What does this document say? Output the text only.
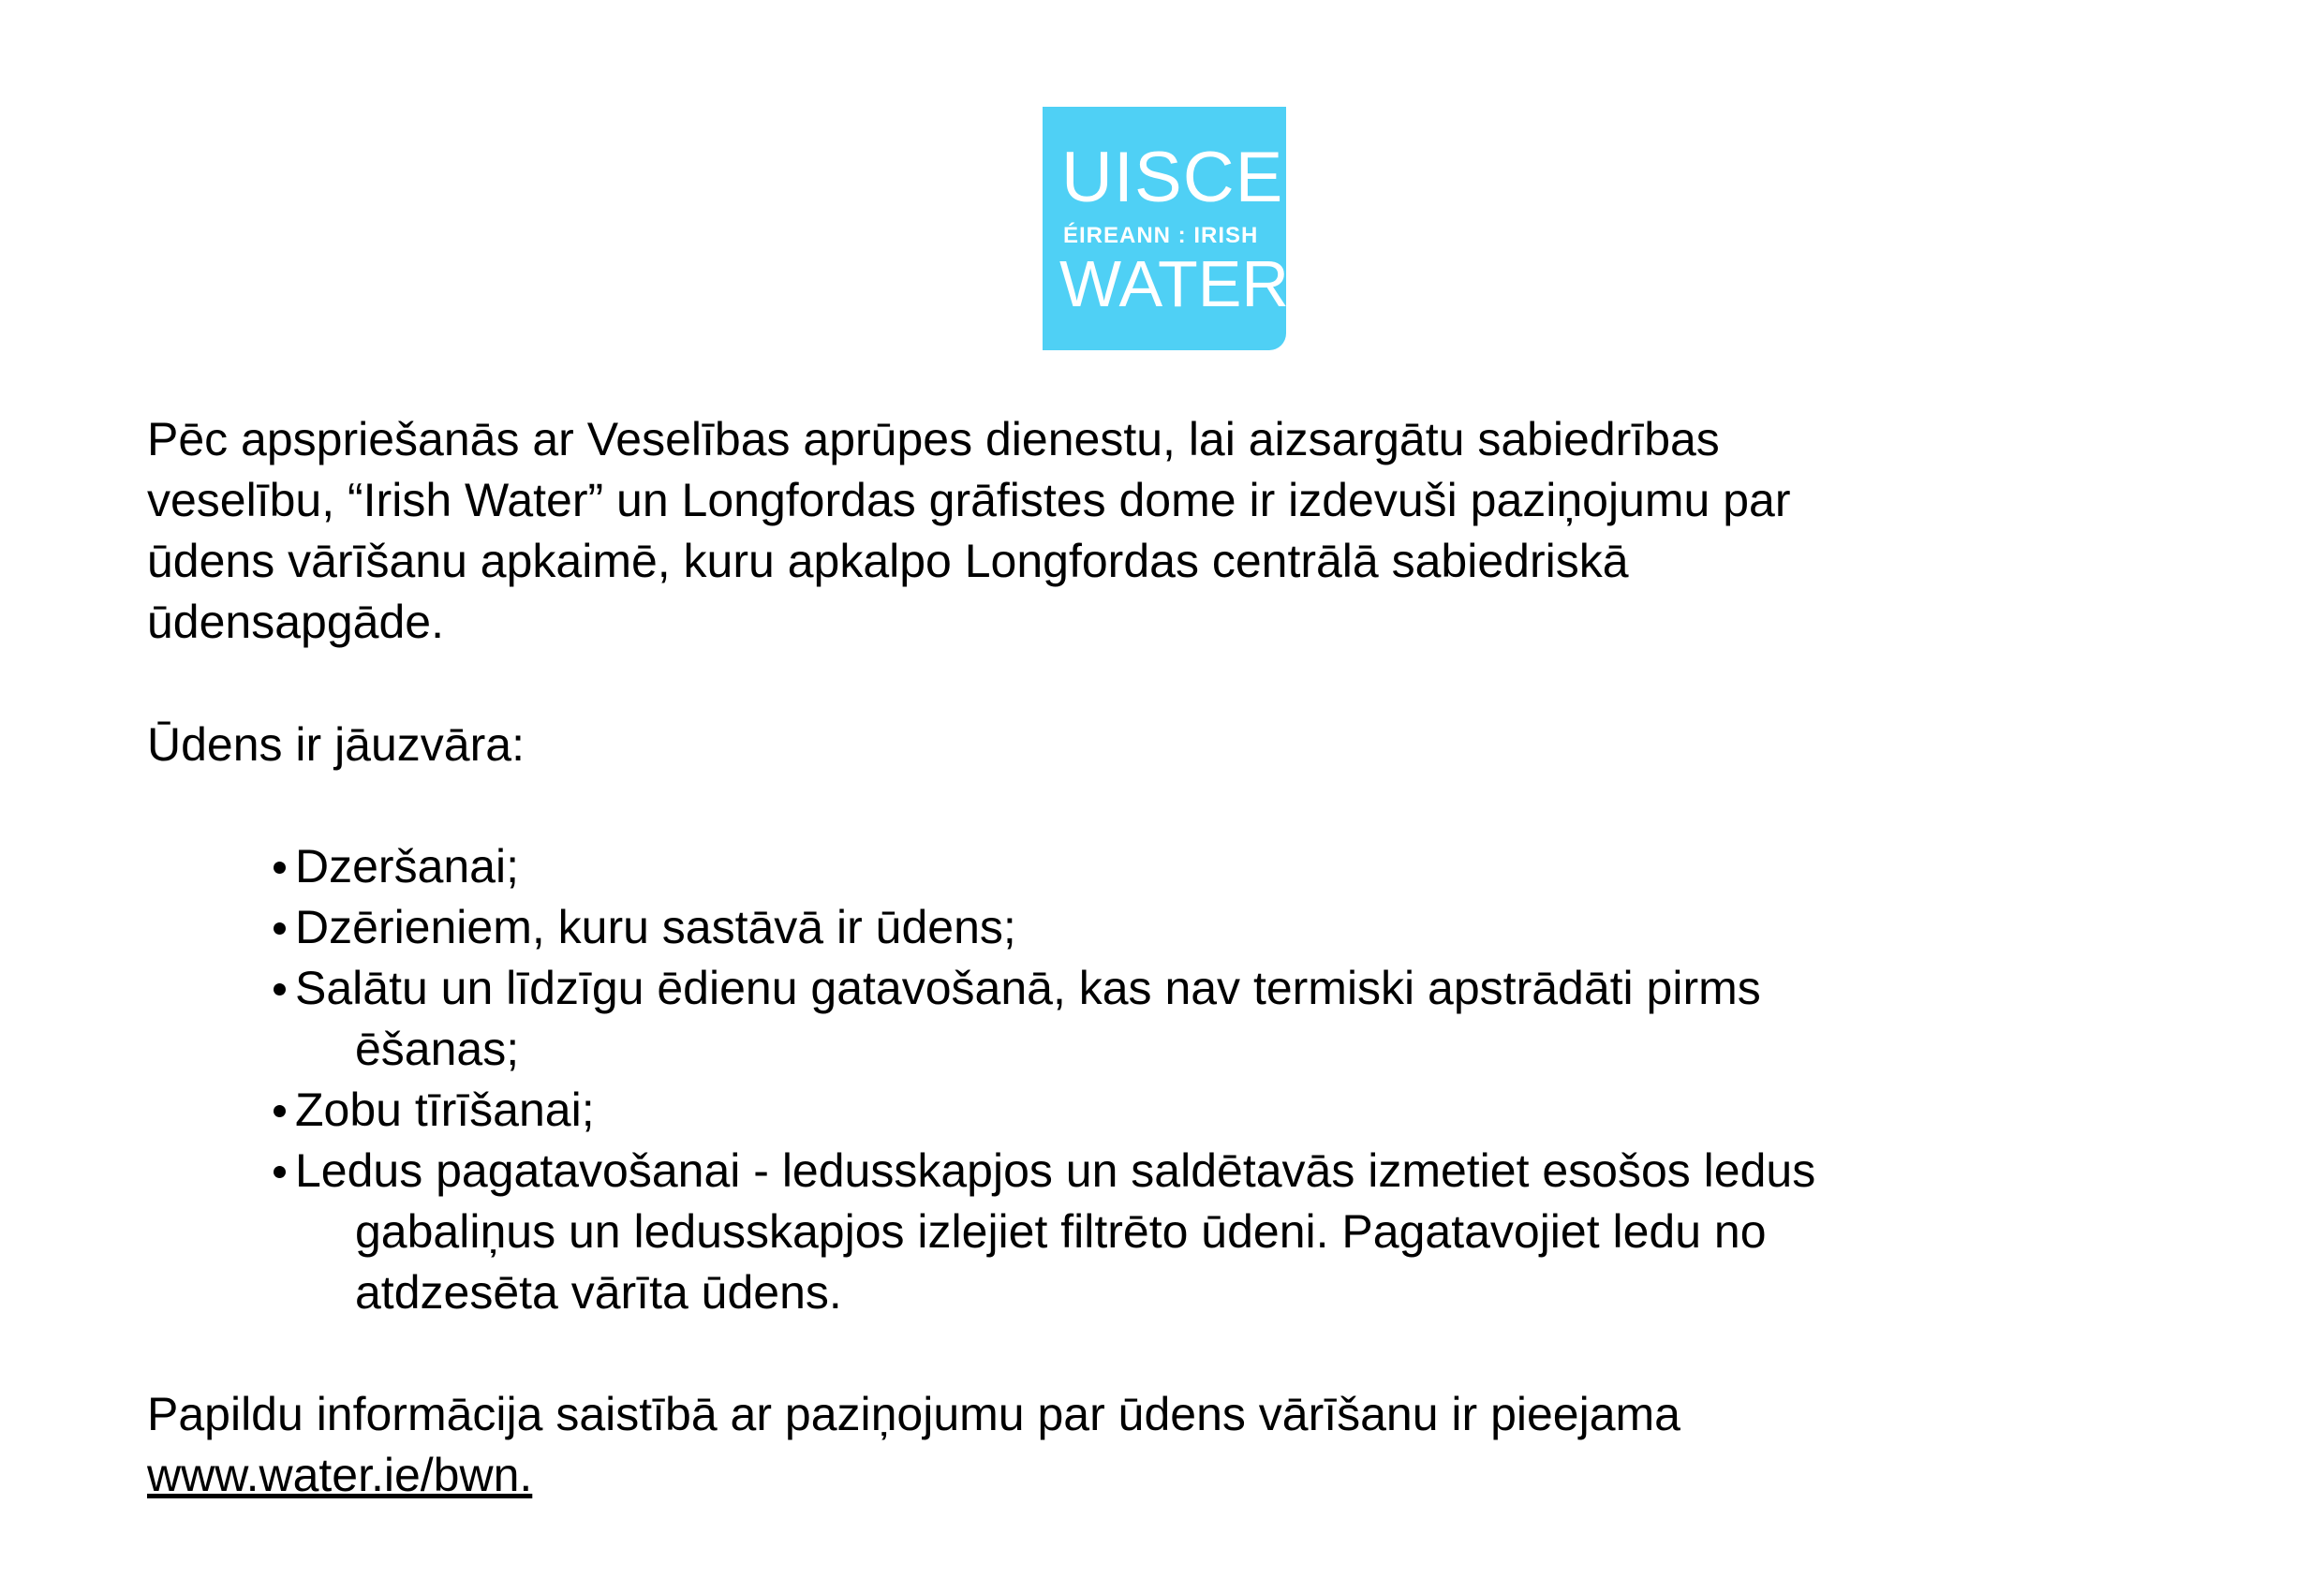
UISCE
ÉIREANN : IRISH
WATER
Pēc apspriešanās ar Veselības aprūpes dienestu, lai aizsargātu sabiedrības
veselību, “Irish Water” un Longfordas grāfistes dome ir izdevuši paziņojumu par
ūdens vārīšanu apkaimē, kuru apkalpo Longfordas centrālā sabiedriskā
ūdensapgāde.
Ūdens ir jāuzvāra:
Dzeršanai;
Dzērieniem, kuru sastāvā ir ūdens;
Salātu un līdzīgu ēdienu gatavošanā, kas nav termiski apstrādāti pirms
ēšanas;
Zobu tīrīšanai;
Ledus pagatavošanai - ledusskapjos un saldētavās izmetiet esošos ledus
gabaliņus un ledusskapjos izlejiet filtrēto ūdeni. Pagatavojiet ledu no
atdzesēta vārīta ūdens.
Papildu informācija saistībā ar paziņojumu par ūdens vārīšanu ir pieejama
www.water.ie/bwn.
